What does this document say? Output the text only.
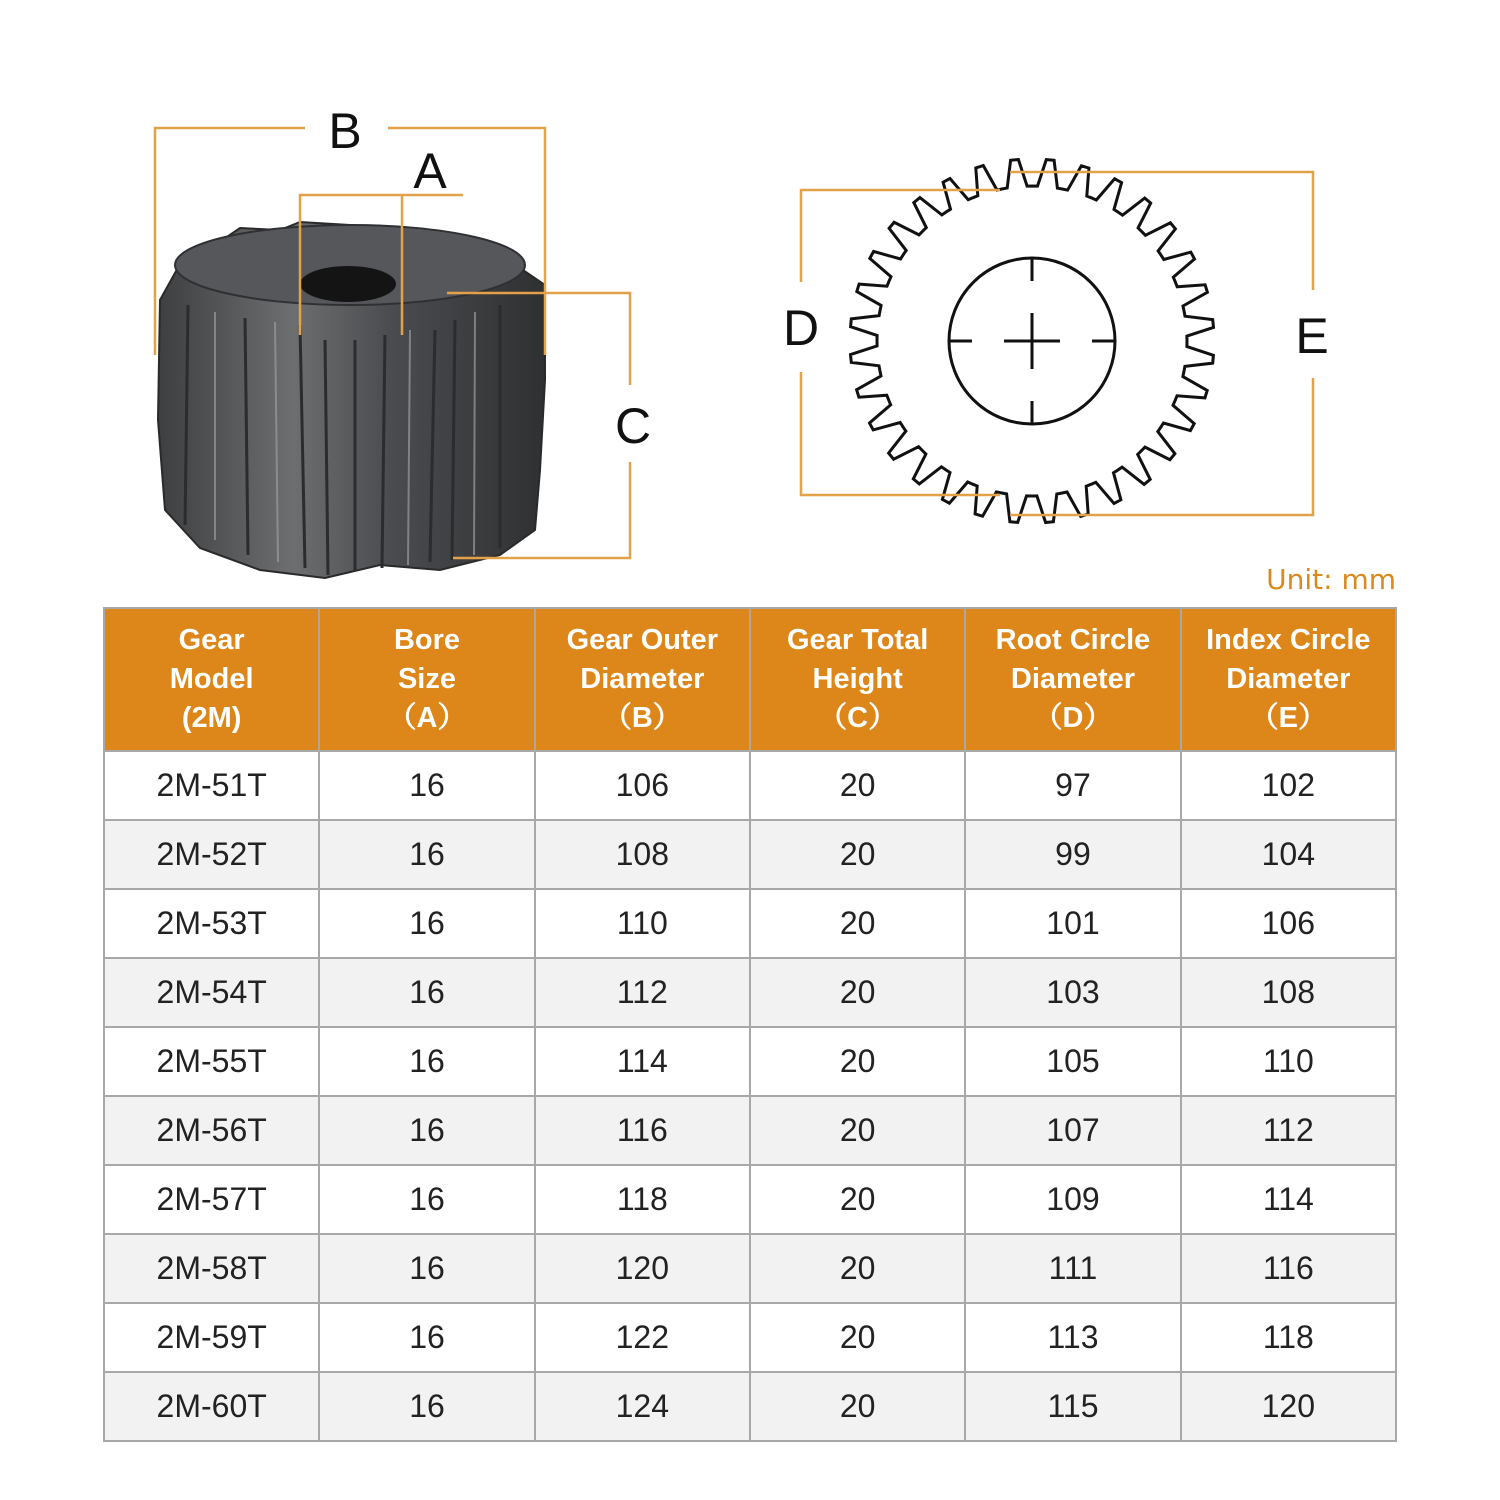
B
A
C
D	E
Unit: mm
Gear
Model
(2M)	Bore
Size
（A）	Gear Outer
Diameter
（B）	Gear Total
Height
（C）	Root Circle
Diameter
（D）	Index Circle
Diameter
（E）

2M-51T	16	106	20	97	102
2M-52T	16	108	20	99	104
2M-53T	16	110	20	101	106
2M-54T	16	112	20	103	108
2M-55T	16	114	20	105	110
2M-56T	16	116	20	107	112
2M-57T	16	118	20	109	114
2M-58T	16	120	20	111	116
2M-59T	16	122	20	113	118
2M-60T	16	124	20	115	120
